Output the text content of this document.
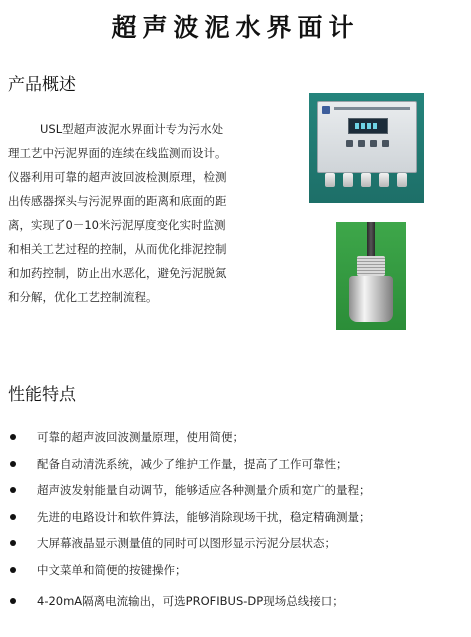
超声波泥水界面计
产品概述

USL型超声波泥水界面计专为污水处

理工艺中污泥界面的连续在线监测而设计。

仪器利用可靠的超声波回波检测原理，检测

出传感器探头与污泥界面的距离和底面的距

离，实现了0－10米污泥厚度变化实时监测

和相关工艺过程的控制，从而优化排泥控制

和加药控制，防止出水恶化，避免污泥脱氮

和分解，优化工艺控制流程。

性能特点
可靠的超声波回波测量原理，使用简便；
配备自动清洗系统，减少了维护工作量，提高了工作可靠性；
超声波发射能量自动调节，能够适应各种测量介质和宽广的量程；
先进的电路设计和软件算法，能够消除现场干扰，稳定精确测量；
大屏幕液晶显示测量值的同时可以图形显示污泥分层状态；
中文菜单和简便的按键操作；
4-20mA隔离电流输出，可选PROFIBUS-DP现场总线接口；
